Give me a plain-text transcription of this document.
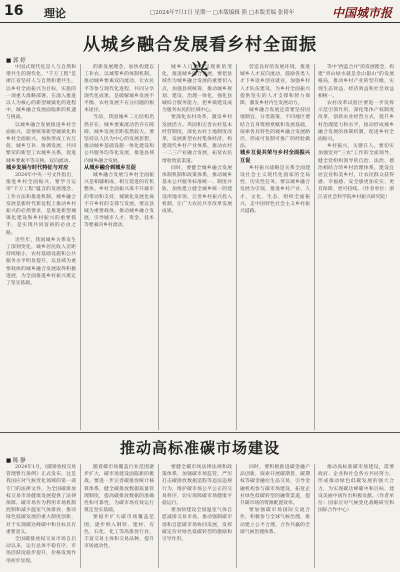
16 理论	□2024年7月1日 星期一 □本版编辑 熊 □本版美编 张倚年	中国城市报
从城乡融合发展看乡村全面振兴
■ 郭 婷

中国式现代化是人与自然和谐共生的现代化，"千万工程"是浙江省坚持人与自然和谐共生，以乡村全面振兴为目标，实施的一项重大战略部署。在深入推进以人为核心的新型城镇化的进程中，城乡融合发展面临新的机遇与挑战。

以城乡融合发展推进乡村全面振兴，需要统筹新型城镇化和乡村全面振兴，加快形成工农互促、城乡互补、协调发展、共同繁荣的新型工农城乡关系，促进城乡要素平等交换、双向流动。

城乡发展与时代特征与对应

2024年中央一号文件指出，推进乡村全面振兴，要学习运用"千万工程"蕴含的发展理念、工作方法和推进机制。城乡融合发展是新时代新征程上推动乡村振兴的必然要求，是推进新型城镇化建设和乡村振兴的重要抓手，是实现共同富裕的必由之路。

近些年，我国城乡关系发生了深刻变化，城乡居民收入差距持续缩小，农村基础设施和公共服务水平明显提升，以县域为重要载体的城乡融合发展取得积极进展，为全面推进乡村振兴奠定了坚实基础。

的新发展理念，加快构建以工补农、以城带乡的体制机制。推动城乡要素双向流动，让农民平等参与现代化进程、共同分享现代化成果，是破解城乡发展不平衡、农村发展不充分问题的根本途径。

当前，我国城乡二元结构仍然存在，城乡要素流动仍存在障碍，城乡发展差距依然较大。要坚持以人民为中心的发展思想，推动城乡基础设施一体化建设和公共服务均等化发展，推进县域内城乡融合发展。

从城乡融合到城乡互促

城乡融合发展与乡村全面振兴是相辅相成、相互促进的有机整体。乡村全面振兴离不开城市的带动和支持，城镇化发展也离不开乡村的支撑与发展。要以县城为重要载体，推动城乡融合发展，引导城市人才、资金、技术等要素向乡村流动。

城乡人口流动呈现新的变化，推进城乡融合发展，要把县域作为城乡融合发展的重要切入点，加强县域统筹，推动城乡规划、建设、治理一体化，强化县城综合服务能力，把乡镇建设成为服务农民的区域中心。

要深化农村改革，激发乡村发展活力。巩固和完善农村基本经营制度，深化农村土地制度改革，发展新型农村集体经济，构建现代乡村产业体系，推动农村一二三产业融合发展，拓宽农民增收致富渠道。

同时，要健全城乡融合发展体制机制和政策体系，推动城乡基本公共服务标准统一、制度并轨，加快建立健全城乡统一的建设用地市场，完善乡村振兴投入机制，让广大农民共享改革发展成果。

营造良好的发展环境，推进城乡人才双向流动，鼓励各类人才下乡返乡创业就业，加强乡村人才队伍建设，为乡村全面振兴提供坚实的人才支撑和智力保障，激发乡村内生发展动力。

城乡融合发展还需要坚持因地制宜、分类施策，不同地区要结合自身资源禀赋和发展基础，探索各具特色的城乡融合发展路径，形成可复制可推广的经验做法。

城乡互促共荣与乡村全面振兴互促

乡村振兴战略是关系全面建设社会主义现代化国家的全局性、历史性任务。要以城乡融合发展为引领，推进乡村产业、人才、文化、生态、组织全面振兴，走中国特色社会主义乡村振兴道路。

等中"西蓝合并"的发展理念，构建"青山绿水就是金山银山"的发展格局，推动乡村产业转型升级，实现生态效益、经济效益和社会效益相统一。

农村改革试验区要进一步发挥示范引领作用，深化集体产权制度改革，创新农业经营方式，提升乡村治理能力和水平，推动形成城乡融合发展的体制机制，促进乡村全面振兴。

乡村振兴，关键在人。要切实加强党对"三农"工作的全面领导，健全党组织领导的自治、法治、德治相结合的乡村治理体系，建设宜居宜业和美乡村，让农民群众获得感、幸福感、安全感更加充实、更有保障、更可持续。（作者单位：浙江省社会科学院乡村振兴研究院）

推动高标准碳市场建设
■ 陈 静

2024年1月，《碳排放权交易管理暂行条例》正式发布，这是我国应对气候变化领域的第一部专门的法律文件，为全国碳排放权交易市场健康发展提供了法律保障。碳市场作为利用市场机制控制和减少温室气体排放、推动绿色低碳发展的重大制度创新，对于实现碳达峰碳中和目标具有重要意义。

全国碳排放权交易市场自启动以来，运行总体平稳有序，市场活跃度稳步提升，价格发现作用初步显现。

随着碳市场覆盖行业范围逐步扩大，碳市场建设面临新的挑战。要进一步完善碳排放统计核算体系，健全碳排放数据质量管理制度，提高碳排放数据的准确性和可靠性，为碳市场有效运行奠定坚实基础。

要稳步扩大碳市场覆盖范围，逐步纳入钢铁、建材、有色、石化、化工等高排放行业，丰富交易主体和交易品种，提升市场流动性。

要健全碳市场法律法规和政策体系，加强碳市场监管，严厉打击碳排放数据造假等违法违规行为，维护碳市场公平公正的交易秩序，切实保障碳市场健康平稳运行。

要加快建设全国温室气体自愿减排交易市场，推动强制碳市场和自愿碳市场协同发展，发挥碳定价对绿色低碳转型的激励和引导作用。

同时，要积极推进碳金融产品创新，探索开展碳期货、碳期权等碳金融衍生品交易，引导金融机构参与碳市场建设，拓宽企业绿色低碳转型的融资渠道，提升碳市场的资源配置效率。

要加强碳市场国际交流合作，积极参与全球气候治理，推动建立公平合理、合作共赢的全球气候治理体系。

推动高标准碳市场建设，需要政府、企业和社会各方共同努力，形成推动绿色低碳发展的强大合力，为实现碳达峰碳中和目标、建设美丽中国作出积极贡献。（作者单位：国家应对气候变化战略研究和国际合作中心）
